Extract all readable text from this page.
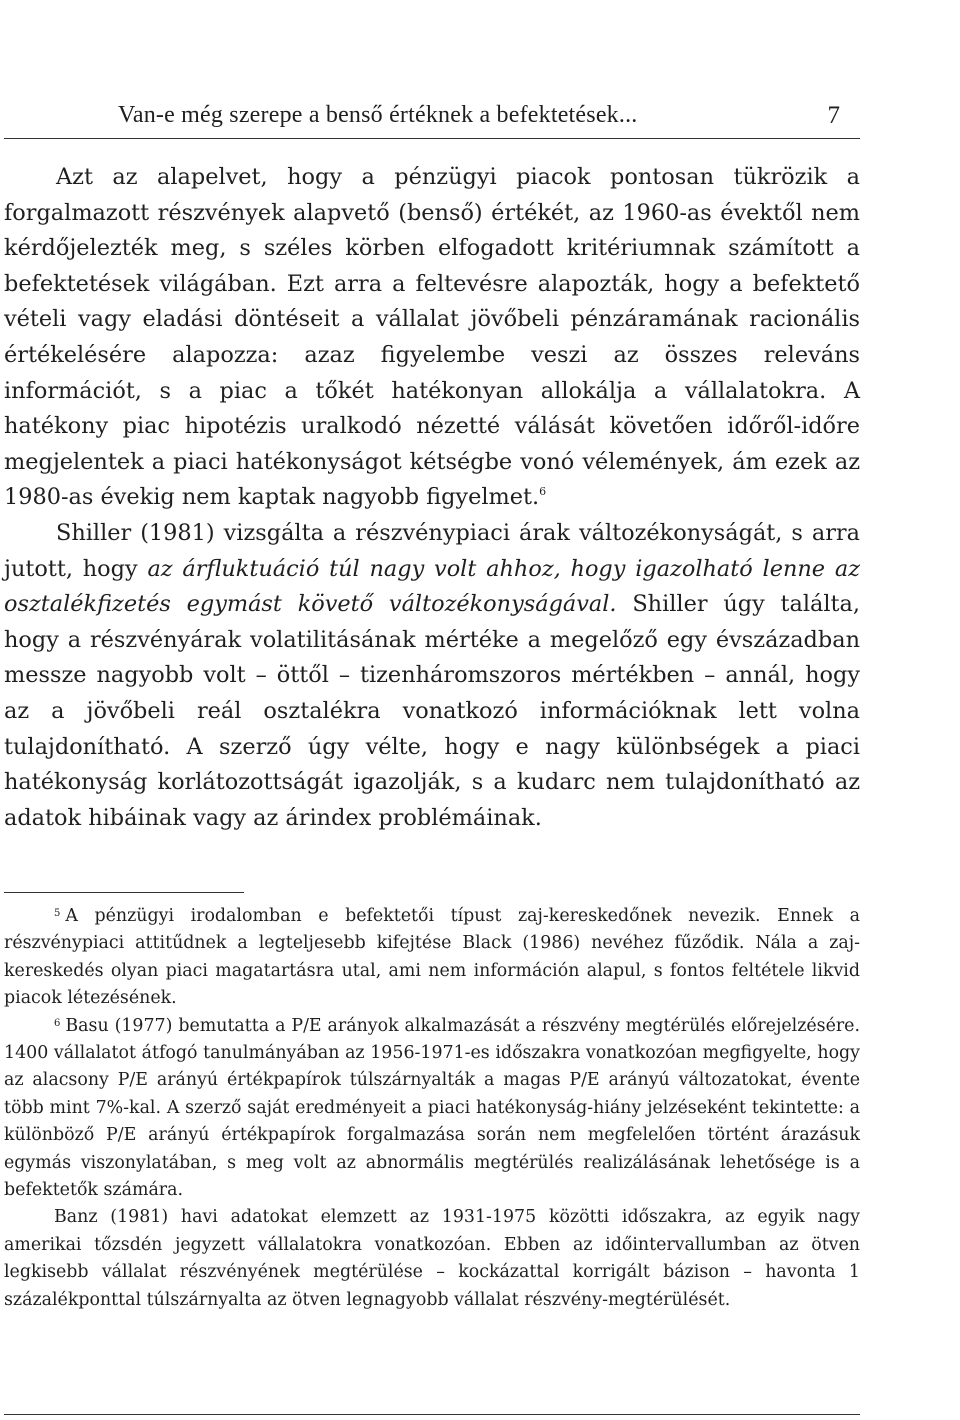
Van-e még szerepe a benső értéknek a befektetések...	7

Azt az alapelvet, hogy a pénzügyi piacok pontosan tükrözik a forgalmazott részvények alapvető (benső) értékét, az 1960-as évektől nem kérdőjelezték meg, s széles körben elfogadott kritériumnak számított a befektetések világában. Ezt arra a feltevésre alapozták, hogy a befektető vételi vagy eladási döntéseit a vállalat jövőbeli pénzáramának racionális értékelésére alapozza: azaz figyelembe veszi az összes releváns információt, s a piac a tőkét hatékonyan allokálja a vállalatokra. A hatékony piac hipotézis uralkodó nézetté válását követően időről-időre megjelentek a piaci hatékonyságot kétségbe vonó vélemények, ám ezek az 1980-as évekig nem kaptak nagyobb figyelmet.$^6$

Shiller (1981) vizsgálta a részvénypiaci árak változékonyságát, s arra jutott, hogy az árfluktuáció túl nagy volt ahhoz, hogy igazolható lenne az osztalékfizetés egymást követő változékonyságával. Shiller úgy találta, hogy a részvényárak volatilitásának mértéke a megelőző egy évszázadban messze nagyobb volt – öttől – tizenháromszoros mértékben – annál, hogy az a jövőbeli reál osztalékra vonatkozó információknak lett volna tulajdonítható. A szerző úgy vélte, hogy e nagy különbségek a piaci hatékonyság korlátozottságát igazolják, s a kudarc nem tulajdonítható az adatok hibáinak vagy az árindex problémáinak.

$^5$ A pénzügyi irodalomban e befektetői típust zaj-kereskedőnek nevezik. Ennek a részvénypiaci attitűdnek a legteljesebb kifejtése Black (1986) nevéhez fűződik. Nála a zaj-kereskedés olyan piaci magatartásra utal, ami nem információn alapul, s fontos feltétele likvid piacok létezésének.

$^6$ Basu (1977) bemutatta a P/E arányok alkalmazását a részvény megtérülés előrejelzésére. 1400 vállalatot átfogó tanulmányában az 1956-1971-es időszakra vonatkozóan megfigyelte, hogy az alacsony P/E arányú értékpapírok túlszárnyalták a magas P/E arányú változatokat, évente több mint 7%-kal. A szerző saját eredményeit a piaci hatékonyság-hiány jelzéseként tekintette: a különböző P/E arányú értékpapírok forgalmazása során nem megfelelően történt árazásuk egymás viszonylatában, s meg volt az abnormális megtérülés realizálásának lehetősége is a befektetők számára.

Banz (1981) havi adatokat elemzett az 1931-1975 közötti időszakra, az egyik nagy amerikai tőzsdén jegyzett vállalatokra vonatkozóan. Ebben az időintervallumban az ötven legkisebb vállalat részvényének megtérülése – kockázattal korrigált bázison – havonta 1 százalékponttal túlszárnyalta az ötven legnagyobb vállalat részvény-megtérülését.
